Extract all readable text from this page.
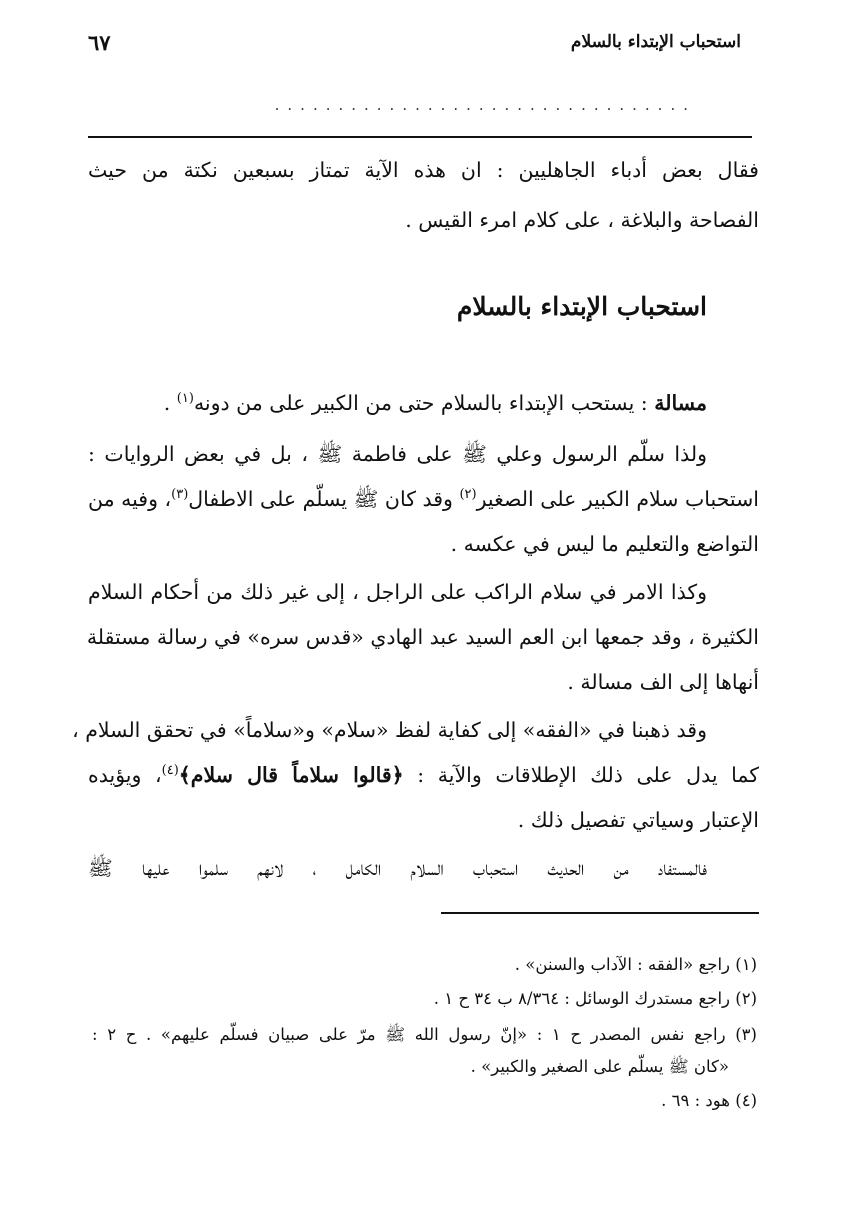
استحباب الإبتداء بالسلام
٦٧
·································
فقال بعض أدباء الجاهليين : ان هذه الآية تمتاز بسبعين نكتة من حيث
الفصاحة والبلاغة ، على كلام امرء القيس .
استحباب الإبتداء بالسلام
مسالة : يستحب الإبتداء بالسلام حتى من الكبير على من دونه$^{(١)}$ .
ولذا سلّم الرسول وعلي ﷺ على فاطمة ﷺ ، بل في بعض الروايات :
استحباب سلام الكبير على الصغير$^{(٢)}$ وقد كان ﷺ يسلّم على الاطفال$^{(٣)}$، وفيه من
التواضع والتعليم ما ليس في عكسه .
وكذا الامر في سلام الراكب على الراجل ، إلى غير ذلك من أحكام السلام
الكثيرة ، وقد جمعها ابن العم السيد عبد الهادي «قدس سره» في رسالة مستقلة
أنهاها إلى الف مسالة .
وقد ذهبنا في «الفقه» إلى كفاية لفظ «سلام» و«سلاماً» في تحقق السلام ،
كما يدل على ذلك الإطلاقات والآية : ﴿قالوا سلاماً قال سلام﴾$^{(٤)}$، ويؤيده
الإعتبار وسياتي تفصيل ذلك .
فالمستفاد من الحديث استحباب السلام الكامل ، لانهم سلموا عليها ﷺ
(١) راجع «الفقه : الآداب والسنن» .
(٢) راجع مستدرك الوسائل : ٨/٣٦٤ ب ٣٤ ح ١ .
(٣) راجع نفس المصدر ح ١ : «إنّ رسول الله ﷺ مرّ على صبيان فسلّم عليهم» . ح ٢ :
«كان ﷺ يسلّم على الصغير والكبير» .
(٤) هود : ٦٩ .
